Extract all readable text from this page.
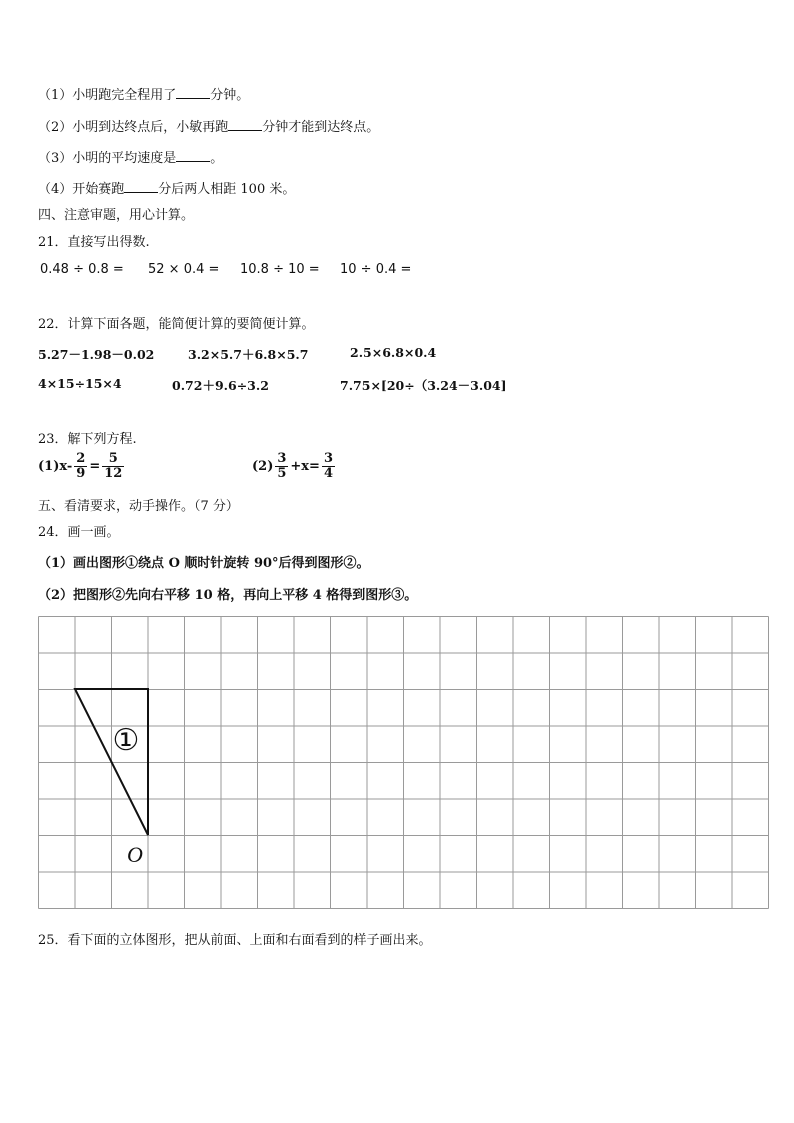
（1）小明跑完全程用了	分钟。
（2）小明到达终点后，小敏再跑	分钟才能到达终点。
（3）小明的平均速度是	。
（4）开始赛跑	分后两人相距 100 米。
四、注意审题，用心计算。
21．直接写出得数.
0.48 ÷ 0.8 = 52 × 0.4 = 10.8 ÷ 10 = 10 ÷ 0.4 =
22．计算下面各题，能简便计算的要简便计算。
5.27－1.98－0.02	3.2×5.7＋6.8×5.7	2.5×6.8×0.4
4×15÷15×4	0.72＋9.6÷3.2	7.75×[20÷（3.24－3.04]
23．解下列方程.
$(1)x- \frac{2}{9} = \frac{5}{12}$	$(2) \frac{3}{5} +x= \frac{3}{4}$
五、看清要求，动手操作。（7 分）
24．画一画。
（1）画出图形①绕点 O 顺时针旋转 90°后得到图形②。
（2）把图形②先向右平移 10 格，再向上平移 4 格得到图形③。
①
O
25．看下面的立体图形，把从前面、上面和右面看到的样子画出来。
